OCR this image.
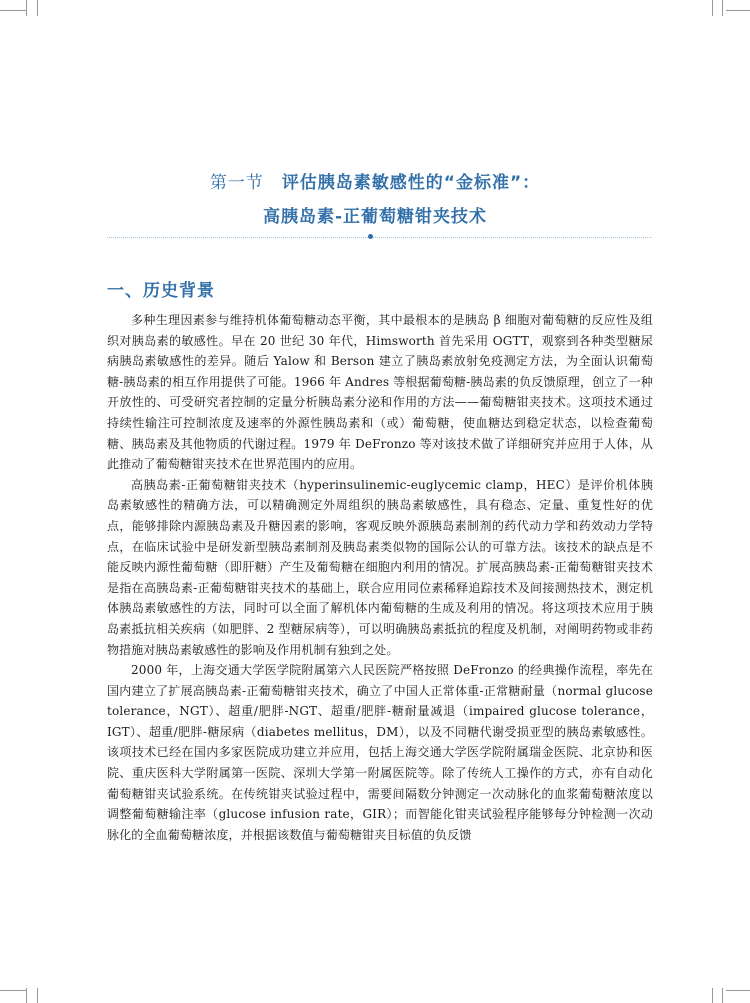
第一节 评估胰岛素敏感性的“金标准”：
高胰岛素-正葡萄糖钳夹技术
一、历史背景

多种生理因素参与维持机体葡萄糖动态平衡，其中最根本的是胰岛 β 细胞对葡萄糖的反应性及组织对胰岛素的敏感性。早在 20 世纪 30 年代，Himsworth 首先采用 OGTT，观察到各种类型糖尿病胰岛素敏感性的差异。随后 Yalow 和 Berson 建立了胰岛素放射免疫测定方法，为全面认识葡萄糖-胰岛素的相互作用提供了可能。1966 年 Andres 等根据葡萄糖-胰岛素的负反馈原理，创立了一种开放性的、可受研究者控制的定量分析胰岛素分泌和作用的方法——葡萄糖钳夹技术。这项技术通过持续性输注可控制浓度及速率的外源性胰岛素和（或）葡萄糖，使血糖达到稳定状态，以检查葡萄糖、胰岛素及其他物质的代谢过程。1979 年 DeFronzo 等对该技术做了详细研究并应用于人体，从此推动了葡萄糖钳夹技术在世界范围内的应用。

高胰岛素-正葡萄糖钳夹技术（hyperinsulinemic-euglycemic clamp，HEC）是评价机体胰岛素敏感性的精确方法，可以精确测定外周组织的胰岛素敏感性，具有稳态、定量、重复性好的优点，能够排除内源胰岛素及升糖因素的影响，客观反映外源胰岛素制剂的药代动力学和药效动力学特点，在临床试验中是研发新型胰岛素制剂及胰岛素类似物的国际公认的可靠方法。该技术的缺点是不能反映内源性葡萄糖（即肝糖）产生及葡萄糖在细胞内利用的情况。扩展高胰岛素-正葡萄糖钳夹技术是指在高胰岛素-正葡萄糖钳夹技术的基础上，联合应用同位素稀释追踪技术及间接测热技术，测定机体胰岛素敏感性的方法，同时可以全面了解机体内葡萄糖的生成及利用的情况。将这项技术应用于胰岛素抵抗相关疾病（如肥胖、2 型糖尿病等），可以明确胰岛素抵抗的程度及机制，对阐明药物或非药物措施对胰岛素敏感性的影响及作用机制有独到之处。

2000 年，上海交通大学医学院附属第六人民医院严格按照 DeFronzo 的经典操作流程，率先在国内建立了扩展高胰岛素-正葡萄糖钳夹技术，确立了中国人正常体重-正常糖耐量（normal glucose tolerance，NGT）、超重/肥胖-NGT、超重/肥胖-糖耐量减退（impaired glucose tolerance，IGT）、超重/肥胖-糖尿病（diabetes mellitus，DM），以及不同糖代谢受损亚型的胰岛素敏感性。该项技术已经在国内多家医院成功建立并应用，包括上海交通大学医学院附属瑞金医院、北京协和医院、重庆医科大学附属第一医院、深圳大学第一附属医院等。除了传统人工操作的方式，亦有自动化葡萄糖钳夹试验系统。在传统钳夹试验过程中，需要间隔数分钟测定一次动脉化的血浆葡萄糖浓度以调整葡萄糖输注率（glucose infusion rate，GIR）；而智能化钳夹试验程序能够每分钟检测一次动脉化的全血葡萄糖浓度，并根据该数值与葡萄糖钳夹目标值的负反馈
